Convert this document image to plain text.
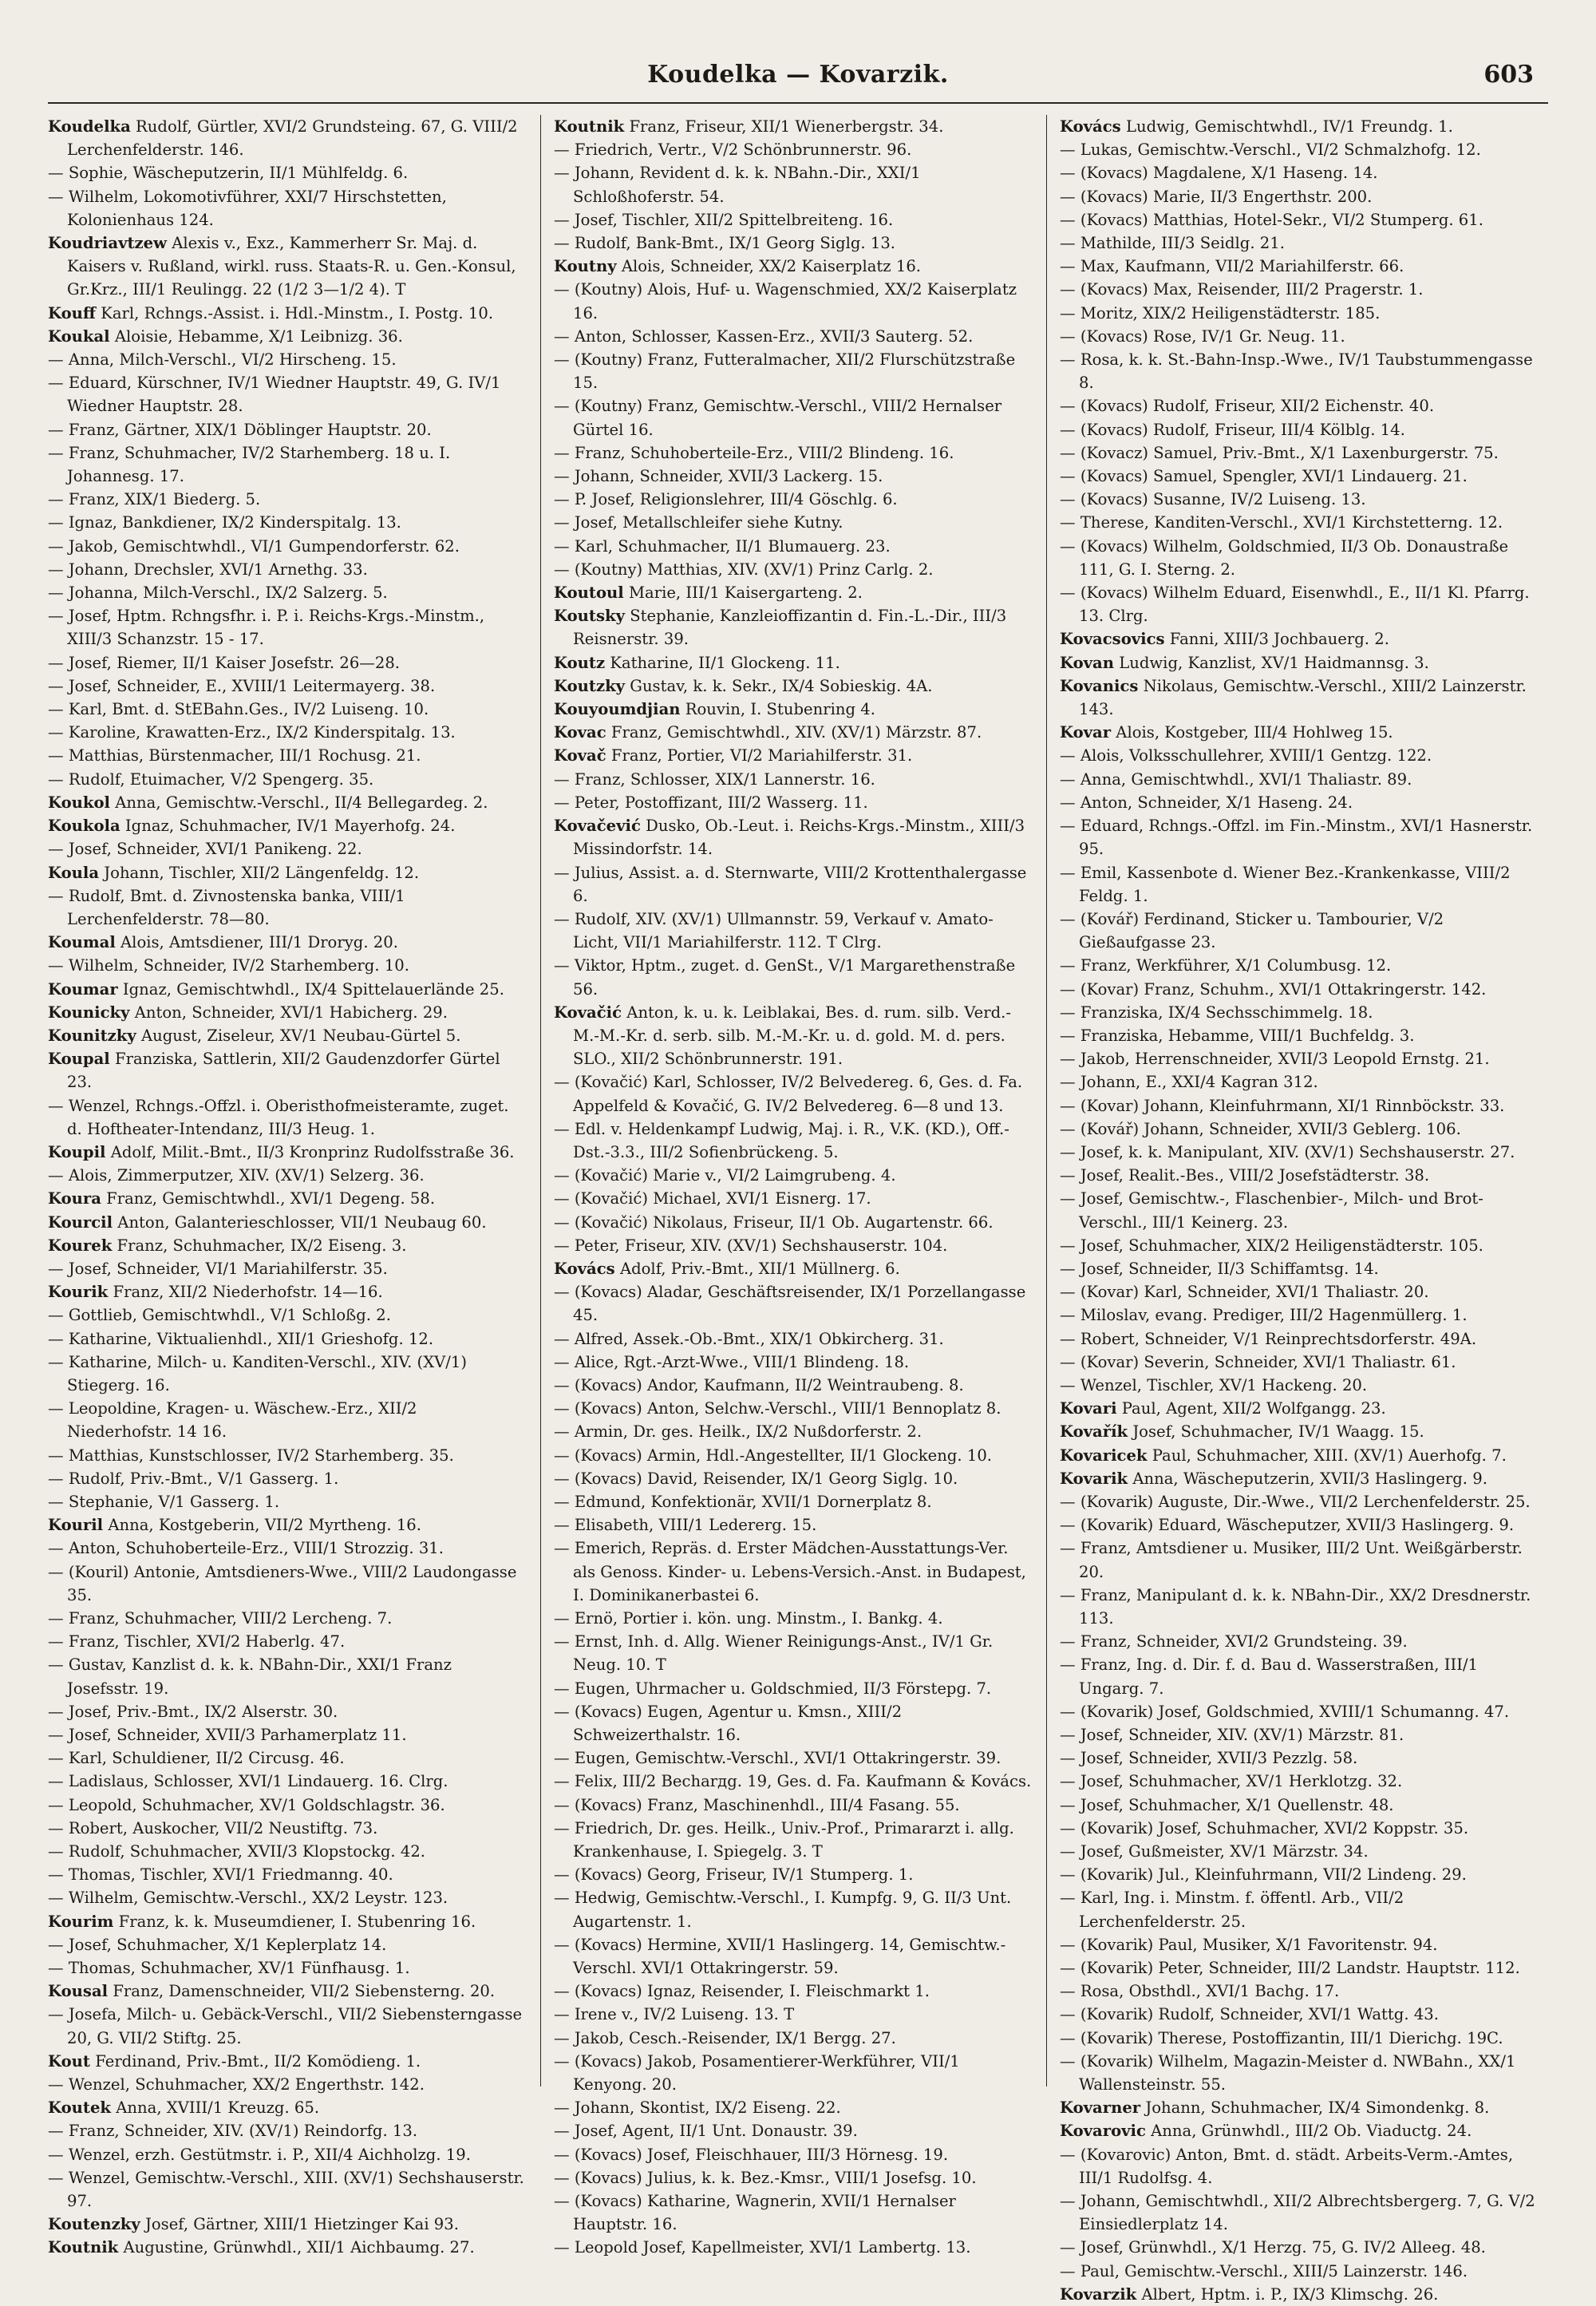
Koudelka — Kovarzik.	603
Koudelka Rudolf, Gürtler, XVI/2 Grundsteing. 67, G. VIII/2 Lerchenfelderstr. 146.
— Sophie, Wäscheputzerin, II/1 Mühlfeldg. 6.
— Wilhelm, Lokomotivführer, XXI/7 Hirschstetten, Kolonienhaus 124.
Koudriavtzew Alexis v., Exz., Kammerherr Sr. Maj. d. Kaisers v. Rußland, wirkl. russ. Staats-R. u. Gen.-Konsul, Gr.Krz., III/1 Reulingg. 22 (1/2 3—1/2 4). T
Kouff Karl, Rchngs.-Assist. i. Hdl.-Minstm., I. Postg. 10.
Koukal Aloisie, Hebamme, X/1 Leibnizg. 36.
— Anna, Milch-Verschl., VI/2 Hirscheng. 15.
— Eduard, Kürschner, IV/1 Wiedner Hauptstr. 49, G. IV/1 Wiedner Hauptstr. 28.
— Franz, Gärtner, XIX/1 Döblinger Hauptstr. 20.
— Franz, Schuhmacher, IV/2 Starhemberg. 18 u. I. Johannesg. 17.
— Franz, XIX/1 Biederg. 5.
— Ignaz, Bankdiener, IX/2 Kinderspitalg. 13.
— Jakob, Gemischtwhdl., VI/1 Gumpendorferstr. 62.
— Johann, Drechsler, XVI/1 Arnethg. 33.
— Johanna, Milch-Verschl., IX/2 Salzerg. 5.
— Josef, Hptm. Rchngsfhr. i. P. i. Reichs-Krgs.-Minstm., XIII/3 Schanzstr. 15 - 17.
— Josef, Riemer, II/1 Kaiser Josefstr. 26—28.
— Josef, Schneider, E., XVIII/1 Leitermayerg. 38.
— Karl, Bmt. d. StEBahn.Ges., IV/2 Luiseng. 10.
— Karoline, Krawatten-Erz., IX/2 Kinderspitalg. 13.
— Matthias, Bürstenmacher, III/1 Rochusg. 21.
— Rudolf, Etuimacher, V/2 Spengerg. 35.
Koukol Anna, Gemischtw.-Verschl., II/4 Bellegardeg. 2.
Koukola Ignaz, Schuhmacher, IV/1 Mayerhofg. 24.
— Josef, Schneider, XVI/1 Panikeng. 22.
Koula Johann, Tischler, XII/2 Längenfeldg. 12.
— Rudolf, Bmt. d. Zivnostenska banka, VIII/1 Lerchenfelderstr. 78—80.
Koumal Alois, Amtsdiener, III/1 Droryg. 20.
— Wilhelm, Schneider, IV/2 Starhemberg. 10.
Koumar Ignaz, Gemischtwhdl., IX/4 Spittelauerlände 25.
Kounicky Anton, Schneider, XVI/1 Habicherg. 29.
Kounitzky August, Ziseleur, XV/1 Neubau-Gürtel 5.
Koupal Franziska, Sattlerin, XII/2 Gaudenzdorfer Gürtel 23.
— Wenzel, Rchngs.-Offzl. i. Oberisthofmeisteramte, zuget. d. Hoftheater-Intendanz, III/3 Heug. 1.
Koupil Adolf, Milit.-Bmt., II/3 Kronprinz Rudolfsstraße 36.
— Alois, Zimmerputzer, XIV. (XV/1) Selzerg. 36.
Koura Franz, Gemischtwhdl., XVI/1 Degeng. 58.
Kourcil Anton, Galanterieschlosser, VII/1 Neubaug 60.
Kourek Franz, Schuhmacher, IX/2 Eiseng. 3.
— Josef, Schneider, VI/1 Mariahilferstr. 35.
Kourik Franz, XII/2 Niederhofstr. 14—16.
— Gottlieb, Gemischtwhdl., V/1 Schloßg. 2.
— Katharine, Viktualienhdl., XII/1 Grieshofg. 12.
— Katharine, Milch- u. Kanditen-Verschl., XIV. (XV/1) Stiegerg. 16.
— Leopoldine, Kragen- u. Wäschew.-Erz., XII/2 Niederhofstr. 14 16.
— Matthias, Kunstschlosser, IV/2 Starhemberg. 35.
— Rudolf, Priv.-Bmt., V/1 Gasserg. 1.
— Stephanie, V/1 Gasserg. 1.
Kouril Anna, Kostgeberin, VII/2 Myrtheng. 16.
— Anton, Schuhoberteile-Erz., VIII/1 Strozzig. 31.
— (Kouril) Antonie, Amtsdieners-Wwe., VIII/2 Laudongasse 35.
— Franz, Schuhmacher, VIII/2 Lercheng. 7.
— Franz, Tischler, XVI/2 Haberlg. 47.
— Gustav, Kanzlist d. k. k. NBahn-Dir., XXI/1 Franz Josefsstr. 19.
— Josef, Priv.-Bmt., IX/2 Alserstr. 30.
— Josef, Schneider, XVII/3 Parhamerplatz 11.
— Karl, Schuldiener, II/2 Circusg. 46.
— Ladislaus, Schlosser, XVI/1 Lindauerg. 16. Clrg.
— Leopold, Schuhmacher, XV/1 Goldschlagstr. 36.
— Robert, Auskocher, VII/2 Neustiftg. 73.
— Rudolf, Schuhmacher, XVII/3 Klopstockg. 42.
— Thomas, Tischler, XVI/1 Friedmanng. 40.
— Wilhelm, Gemischtw.-Verschl., XX/2 Leystr. 123.
Kourim Franz, k. k. Museumdiener, I. Stubenring 16.
— Josef, Schuhmacher, X/1 Keplerplatz 14.
— Thomas, Schuhmacher, XV/1 Fünfhausg. 1.
Kousal Franz, Damenschneider, VII/2 Siebensterng. 20.
— Josefa, Milch- u. Gebäck-Verschl., VII/2 Siebensterngasse 20, G. VII/2 Stiftg. 25.
Kout Ferdinand, Priv.-Bmt., II/2 Komödieng. 1.
— Wenzel, Schuhmacher, XX/2 Engerthstr. 142.
Koutek Anna, XVIII/1 Kreuzg. 65.
— Franz, Schneider, XIV. (XV/1) Reindorfg. 13.
— Wenzel, erzh. Gestütmstr. i. P., XII/4 Aichholzg. 19.
— Wenzel, Gemischtw.-Verschl., XIII. (XV/1) Sechshauserstr. 97.
Koutenzky Josef, Gärtner, XIII/1 Hietzinger Kai 93.
Koutnik Augustine, Grünwhdl., XII/1 Aichbaumg. 27.
Koutnik Franz, Friseur, XII/1 Wienerbergstr. 34.
— Friedrich, Vertr., V/2 Schönbrunnerstr. 96.
— Johann, Revident d. k. k. NBahn.-Dir., XXI/1 Schloßhoferstr. 54.
— Josef, Tischler, XII/2 Spittelbreiteng. 16.
— Rudolf, Bank-Bmt., IX/1 Georg Siglg. 13.
Koutny Alois, Schneider, XX/2 Kaiserplatz 16.
— (Koutny) Alois, Huf- u. Wagenschmied, XX/2 Kaiserplatz 16.
— Anton, Schlosser, Kassen-Erz., XVII/3 Sauterg. 52.
— (Koutny) Franz, Futteralmacher, XII/2 Flurschützstraße 15.
— (Koutny) Franz, Gemischtw.-Verschl., VIII/2 Hernalser Gürtel 16.
— Franz, Schuhoberteile-Erz., VIII/2 Blindeng. 16.
— Johann, Schneider, XVII/3 Lackerg. 15.
— P. Josef, Religionslehrer, III/4 Göschlg. 6.
— Josef, Metallschleifer siehe Kutny.
— Karl, Schuhmacher, II/1 Blumauerg. 23.
— (Koutny) Matthias, XIV. (XV/1) Prinz Carlg. 2.
Koutoul Marie, III/1 Kaisergarteng. 2.
Koutsky Stephanie, Kanzleioffizantin d. Fin.-L.-Dir., III/3 Reisnerstr. 39.
Koutz Katharine, II/1 Glockeng. 11.
Koutzky Gustav, k. k. Sekr., IX/4 Sobieskig. 4A.
Kouyoumdjian Rouvin, I. Stubenring 4.
Kovac Franz, Gemischtwhdl., XIV. (XV/1) Märzstr. 87.
Kovač Franz, Portier, VI/2 Mariahilferstr. 31.
— Franz, Schlosser, XIX/1 Lannerstr. 16.
— Peter, Postoffizant, III/2 Wasserg. 11.
Kovačević Dusko, Ob.-Leut. i. Reichs-Krgs.-Minstm., XIII/3 Missindorfstr. 14.
— Julius, Assist. a. d. Sternwarte, VIII/2 Krottenthalergasse 6.
— Rudolf, XIV. (XV/1) Ullmannstr. 59, Verkauf v. Amato-Licht, VII/1 Mariahilferstr. 112. T Clrg.
— Viktor, Hptm., zuget. d. GenSt., V/1 Margarethenstraße 56.
Kovačić Anton, k. u. k. Leiblakai, Bes. d. rum. silb. Verd.-M.-M.-Kr. d. serb. silb. M.-M.-Kr. u. d. gold. M. d. pers. SLO., XII/2 Schönbrunnerstr. 191.
— (Kovačić) Karl, Schlosser, IV/2 Belvedereg. 6, Ges. d. Fa. Appelfeld & Kovačić, G. IV/2 Belvedereg. 6—8 und 13.
— Edl. v. Heldenkampf Ludwig, Maj. i. R., V.K. (KD.), Off.-Dst.-3.3., III/2 Sofienbrückeng. 5.
— (Kovačić) Marie v., VI/2 Laimgrubeng. 4.
— (Kovačić) Michael, XVI/1 Eisnerg. 17.
— (Kovačić) Nikolaus, Friseur, II/1 Ob. Augartenstr. 66.
— Peter, Friseur, XIV. (XV/1) Sechshauserstr. 104.
Kovács Adolf, Priv.-Bmt., XII/1 Müllnerg. 6.
— (Kovacs) Aladar, Geschäftsreisender, IX/1 Porzellangasse 45.
— Alfred, Assek.-Ob.-Bmt., XIX/1 Obkircherg. 31.
— Alice, Rgt.-Arzt-Wwe., VIII/1 Blindeng. 18.
— (Kovacs) Andor, Kaufmann, II/2 Weintraubeng. 8.
— (Kovacs) Anton, Selchw.-Verschl., VIII/1 Bennoplatz 8.
— Armin, Dr. ges. Heilk., IX/2 Nußdorferstr. 2.
— (Kovacs) Armin, Hdl.-Angestellter, II/1 Glockeng. 10.
— (Kovacs) David, Reisender, IX/1 Georg Siglg. 10.
— Edmund, Konfektionär, XVII/1 Dornerplatz 8.
— Elisabeth, VIII/1 Ledererg. 15.
— Emerich, Repräs. d. Erster Mädchen-Ausstattungs-Ver. als Genoss. Kinder- u. Lebens-Versich.-Anst. in Budapest, I. Dominikanerbastei 6.
— Ernö, Portier i. kön. ung. Minstm., I. Bankg. 4.
— Ernst, Inh. d. Allg. Wiener Reinigungs-Anst., IV/1 Gr. Neug. 10. T
— Eugen, Uhrmacher u. Goldschmied, II/3 Förstерg. 7.
— (Kovacs) Eugen, Agentur u. Kmsn., XIII/2 Schweizerthalstr. 16.
— Eugen, Gemischtw.-Verschl., XVI/1 Ottakringerstr. 39.
— Felix, III/2 Becharдg. 19, Ges. d. Fa. Kaufmann & Kovács.
— (Kovacs) Franz, Maschinenhdl., III/4 Fasang. 55.
— Friedrich, Dr. ges. Heilk., Univ.-Prof., Primararzt i. allg. Krankenhause, I. Spiegelg. 3. T
— (Kovacs) Georg, Friseur, IV/1 Stumperg. 1.
— Hedwig, Gemischtw.-Verschl., I. Kumpfg. 9, G. II/3 Unt. Augartenstr. 1.
— (Kovacs) Hermine, XVII/1 Haslingerg. 14, Gemischtw.-Verschl. XVI/1 Ottakringerstr. 59.
— (Kovacs) Ignaz, Reisender, I. Fleischmarkt 1.
— Irene v., IV/2 Luiseng. 13. T
— Jakob, Cesch.-Reisender, IX/1 Bergg. 27.
— (Kovacs) Jakob, Posamentierer-Werkführer, VII/1 Kenyong. 20.
— Johann, Skontist, IX/2 Eiseng. 22.
— Josef, Agent, II/1 Unt. Donaustr. 39.
— (Kovacs) Josef, Fleischhauer, III/3 Hörnesg. 19.
— (Kovacs) Julius, k. k. Bez.-Kmsr., VIII/1 Josefsg. 10.
— (Kovacs) Katharine, Wagnerin, XVII/1 Hernalser Hauptstr. 16.
— Leopold Josef, Kapellmeister, XVI/1 Lambertg. 13.
Kovács Ludwig, Gemischtwhdl., IV/1 Freundg. 1.
— Lukas, Gemischtw.-Verschl., VI/2 Schmalzhofg. 12.
— (Kovacs) Magdalene, X/1 Haseng. 14.
— (Kovacs) Marie, II/3 Engerthstr. 200.
— (Kovacs) Matthias, Hotel-Sekr., VI/2 Stumperg. 61.
— Mathilde, III/3 Seidlg. 21.
— Max, Kaufmann, VII/2 Mariahilferstr. 66.
— (Kovacs) Max, Reisender, III/2 Pragerstr. 1.
— Moritz, XIX/2 Heiligenstädterstr. 185.
— (Kovacs) Rose, IV/1 Gr. Neug. 11.
— Rosa, k. k. St.-Bahn-Insp.-Wwe., IV/1 Taubstummengasse 8.
— (Kovacs) Rudolf, Friseur, XII/2 Eichenstr. 40.
— (Kovacs) Rudolf, Friseur, III/4 Kölblg. 14.
— (Kovacz) Samuel, Priv.-Bmt., X/1 Laxenburgerstr. 75.
— (Kovacs) Samuel, Spengler, XVI/1 Lindauerg. 21.
— (Kovacs) Susanne, IV/2 Luiseng. 13.
— Therese, Kanditen-Verschl., XVI/1 Kirchstetterng. 12.
— (Kovacs) Wilhelm, Goldschmied, II/3 Ob. Donaustraße 111, G. I. Sterng. 2.
— (Kovacs) Wilhelm Eduard, Eisenwhdl., E., II/1 Kl. Pfarrg. 13. Clrg.
Kovacsovics Fanni, XIII/3 Jochbauerg. 2.
Kovan Ludwig, Kanzlist, XV/1 Haidmannsg. 3.
Kovanics Nikolaus, Gemischtw.-Verschl., XIII/2 Lainzerstr. 143.
Kovar Alois, Kostgeber, III/4 Hohlweg 15.
— Alois, Volksschullehrer, XVIII/1 Gentzg. 122.
— Anna, Gemischtwhdl., XVI/1 Thaliastr. 89.
— Anton, Schneider, X/1 Haseng. 24.
— Eduard, Rchngs.-Offzl. im Fin.-Minstm., XVI/1 Hasnerstr. 95.
— Emil, Kassenbote d. Wiener Bez.-Krankenkasse, VIII/2 Feldg. 1.
— (Kovář) Ferdinand, Sticker u. Tambourier, V/2 Gießaufgasse 23.
— Franz, Werkführer, X/1 Columbusg. 12.
— (Kovar) Franz, Schuhm., XVI/1 Ottakringerstr. 142.
— Franziska, IX/4 Sechsschimmelg. 18.
— Franziska, Hebamme, VIII/1 Buchfeldg. 3.
— Jakob, Herrenschneider, XVII/3 Leopold Ernstg. 21.
— Johann, E., XXI/4 Kagran 312.
— (Kovar) Johann, Kleinfuhrmann, XI/1 Rinnböckstr. 33.
— (Kovář) Johann, Schneider, XVII/3 Geblerg. 106.
— Josef, k. k. Manipulant, XIV. (XV/1) Sechshauserstr. 27.
— Josef, Realit.-Bes., VIII/2 Josefstädterstr. 38.
— Josef, Gemischtw.-, Flaschenbier-, Milch- und Brot-Verschl., III/1 Keinerg. 23.
— Josef, Schuhmacher, XIX/2 Heiligenstädterstr. 105.
— Josef, Schneider, II/3 Schiffamtsg. 14.
— (Kovar) Karl, Schneider, XVI/1 Thaliastr. 20.
— Miloslav, evang. Prediger, III/2 Hagenmüllerg. 1.
— Robert, Schneider, V/1 Reinprechtsdorferstr. 49A.
— (Kovar) Severin, Schneider, XVI/1 Thaliastr. 61.
— Wenzel, Tischler, XV/1 Hackeng. 20.
Kovari Paul, Agent, XII/2 Wolfgangg. 23.
Kovařík Josef, Schuhmacher, IV/1 Waagg. 15.
Kovaricek Paul, Schuhmacher, XIII. (XV/1) Auerhofg. 7.
Kovarik Anna, Wäscheputzerin, XVII/3 Haslingerg. 9.
— (Kovarik) Auguste, Dir.-Wwe., VII/2 Lerchenfelderstr. 25.
— (Kovarik) Eduard, Wäscheputzer, XVII/3 Haslingerg. 9.
— Franz, Amtsdiener u. Musiker, III/2 Unt. Weißgärberstr. 20.
— Franz, Manipulant d. k. k. NBahn-Dir., XX/2 Dresdnerstr. 113.
— Franz, Schneider, XVI/2 Grundsteing. 39.
— Franz, Ing. d. Dir. f. d. Bau d. Wasserstraßen, III/1 Ungarg. 7.
— (Kovarik) Josef, Goldschmied, XVIII/1 Schumanng. 47.
— Josef, Schneider, XIV. (XV/1) Märzstr. 81.
— Josef, Schneider, XVII/3 Pezzlg. 58.
— Josef, Schuhmacher, XV/1 Herklotzg. 32.
— Josef, Schuhmacher, X/1 Quellenstr. 48.
— (Kovarik) Josef, Schuhmacher, XVI/2 Koppstr. 35.
— Josef, Gußmeister, XV/1 Märzstr. 34.
— (Kovarik) Jul., Kleinfuhrmann, VII/2 Lindeng. 29.
— Karl, Ing. i. Minstm. f. öffentl. Arb., VII/2 Lerchenfelderstr. 25.
— (Kovarik) Paul, Musiker, X/1 Favoritenstr. 94.
— (Kovarik) Peter, Schneider, III/2 Landstr. Hauptstr. 112.
— Rosa, Obsthdl., XVI/1 Bachg. 17.
— (Kovarik) Rudolf, Schneider, XVI/1 Wattg. 43.
— (Kovarik) Therese, Postoffizantin, III/1 Dierichg. 19C.
— (Kovarik) Wilhelm, Magazin-Meister d. NWBahn., XX/1 Wallensteinstr. 55.
Kovarner Johann, Schuhmacher, IX/4 Simondenkg. 8.
Kovarovic Anna, Grünwhdl., III/2 Ob. Viaductg. 24.
— (Kovarovic) Anton, Bmt. d. städt. Arbeits-Verm.-Amtes, III/1 Rudolfsg. 4.
— Johann, Gemischtwhdl., XII/2 Albrechtsbergerg. 7, G. V/2 Einsiedlerplatz 14.
— Josef, Grünwhdl., X/1 Herzg. 75, G. IV/2 Alleeg. 48.
— Paul, Gemischtw.-Verschl., XIII/5 Lainzerstr. 146.
Kovarzik Albert, Hptm. i. P., IX/3 Klimschg. 26.
